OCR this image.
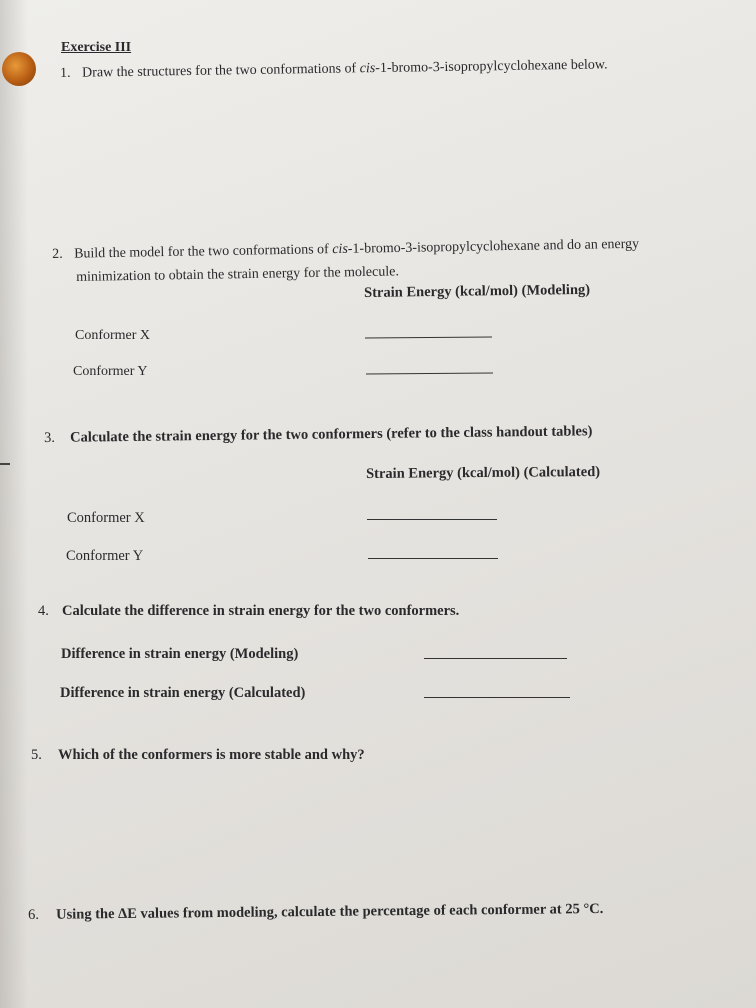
Exercise III
1. Draw the structures for the two conformations of cis-1-bromo-3-isopropylcyclohexane below.
2. Build the model for the two conformations of cis-1-bromo-3-isopropylcyclohexane and do an energy
minimization to obtain the strain energy for the molecule.
Strain Energy (kcal/mol) (Modeling)
Conformer X
Conformer Y
3. Calculate the strain energy for the two conformers (refer to the class handout tables)
Strain Energy (kcal/mol) (Calculated)
Conformer X
Conformer Y
4. Calculate the difference in strain energy for the two conformers.
Difference in strain energy (Modeling)
Difference in strain energy (Calculated)
5. Which of the conformers is more stable and why?
6. Using the ΔE values from modeling, calculate the percentage of each conformer at 25 °C.
